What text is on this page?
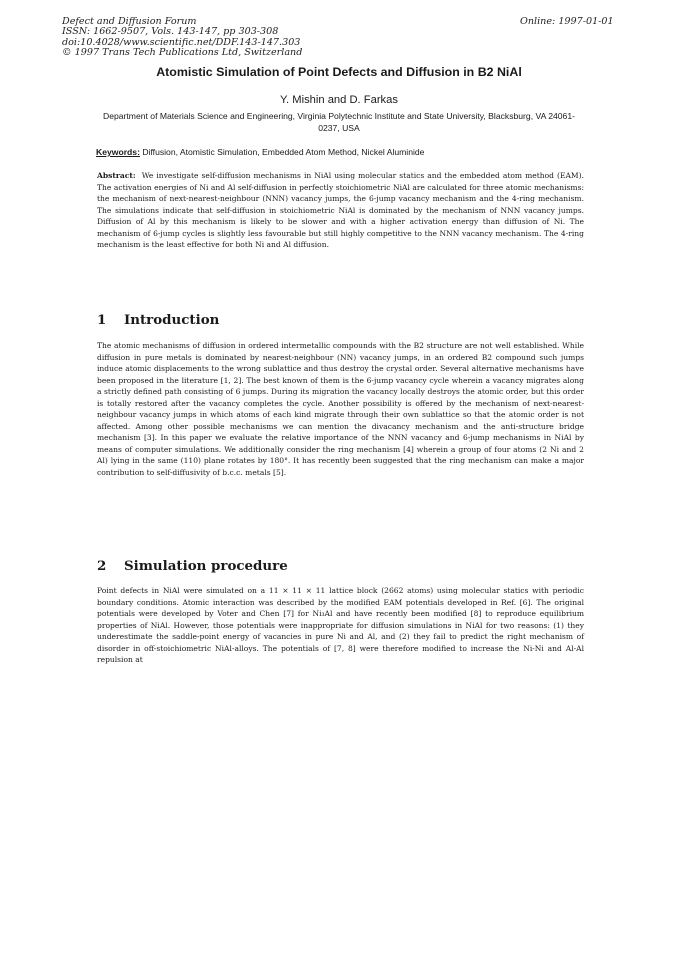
Defect and Diffusion Forum
ISSN: 1662-9507, Vols. 143-147, pp 303-308
doi:10.4028/www.scientific.net/DDF.143-147.303
© 1997 Trans Tech Publications Ltd, Switzerland
Online: 1997-01-01
Atomistic Simulation of Point Defects and Diffusion in B2 NiAl
Y. Mishin and D. Farkas
Department of Materials Science and Engineering, Virginia Polytechnic Institute and State University, Blacksburg, VA 24061-0237, USA
Keywords: Diffusion, Atomistic Simulation, Embedded Atom Method, Nickel Aluminide

Abstract: We investigate self-diffusion mechanisms in NiAl using molecular statics and the embedded atom method (EAM). The activation energies of Ni and Al self-diffusion in perfectly stoichiometric NiAl are calculated for three atomic mechanisms: the mechanism of next-nearest-neighbour (NNN) vacancy jumps, the 6-jump vacancy mechanism and the 4-ring mechanism. The simulations indicate that self-diffusion in stoichiometric NiAl is dominated by the mechanism of NNN vacancy jumps. Diffusion of Al by this mechanism is likely to be slower and with a higher activation energy than diffusion of Ni. The mechanism of 6-jump cycles is slightly less favourable but still highly competitive to the NNN vacancy mechanism. The 4-ring mechanism is the least effective for both Ni and Al diffusion.

1 Introduction

The atomic mechanisms of diffusion in ordered intermetallic compounds with the B2 structure are not well established. While diffusion in pure metals is dominated by nearest-neighbour (NN) vacancy jumps, in an ordered B2 compound such jumps induce atomic displacements to the wrong sublattice and thus destroy the crystal order. Several alternative mechanisms have been proposed in the literature [1, 2]. The best known of them is the 6-jump vacancy cycle wherein a vacancy migrates along a strictly defined path consisting of 6 jumps. During its migration the vacancy locally destroys the atomic order, but this order is totally restored after the vacancy completes the cycle. Another possibility is offered by the mechanism of next-nearest-neighbour vacancy jumps in which atoms of each kind migrate through their own sublattice so that the atomic order is not affected. Among other possible mechanisms we can mention the divacancy mechanism and the anti-structure bridge mechanism [3]. In this paper we evaluate the relative importance of the NNN vacancy and 6-jump mechanisms in NiAl by means of computer simulations. We additionally consider the ring mechanism [4] wherein a group of four atoms (2 Ni and 2 Al) lying in the same (110) plane rotates by 180°. It has recently been suggested that the ring mechanism can make a major contribution to self-diffusivity of b.c.c. metals [5].

2 Simulation procedure

Point defects in NiAl were simulated on a 11 × 11 × 11 lattice block (2662 atoms) using molecular statics with periodic boundary conditions. Atomic interaction was described by the modified EAM potentials developed in Ref. [6]. The original potentials were developed by Voter and Chen [7] for Ni₃Al and have recently been modified [8] to reproduce equilibrium properties of NiAl. However, those potentials were inappropriate for diffusion simulations in NiAl for two reasons: (1) they underestimate the saddle-point energy of vacancies in pure Ni and Al, and (2) they fail to predict the right mechanism of disorder in off-stoichiometric NiAl-alloys. The potentials of [7, 8] were therefore modified to increase the Ni-Ni and Al-Al repulsion at
